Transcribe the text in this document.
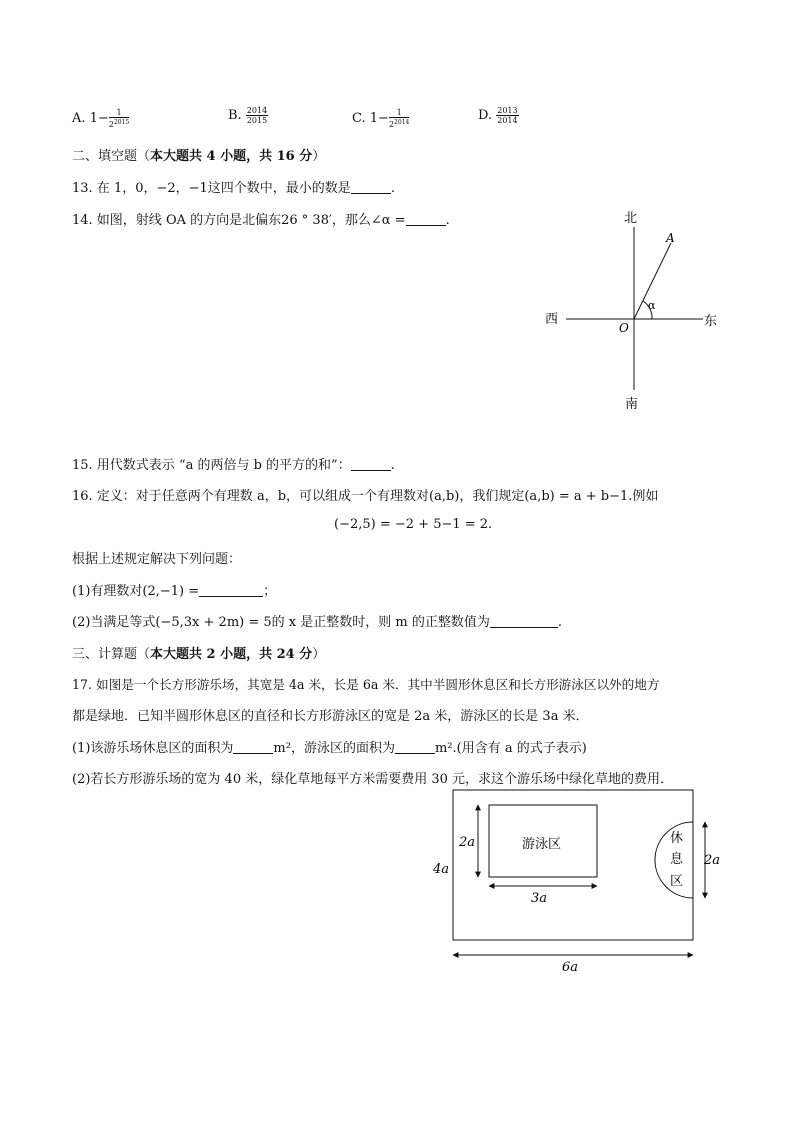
A. $1- \frac{1}{2^{2015}}$	B. $\frac{2014}{2015}$	C. $1- \frac{1}{2^{2014}}$	D. $\frac{2013}{2014}$
二、填空题（本大题共 4 小题，共 16 分）
13. 在 1，0，−2，−1这四个数中，最小的数是	.
14. 如图，射线 OA 的方向是北偏东26 ° 38′，那么∠α =	.	北
南
西	东
A
O
α
15. 用代数式表示 “a 的两倍与 b 的平方的和”：	.
16. 定义：对于任意两个有理数 a，b，可以组成一个有理数对(a,b)，我们规定(a,b) = a + b−1.例如
(−2,5) = −2 + 5−1 = 2.
根据上述规定解决下列问题：
(1)有理数对(2,−1) =	；
(2)当满足等式(−5,3x + 2m) = 5的 x 是正整数时，则 m 的正整数值为	.
三、计算题（本大题共 2 小题，共 24 分）
17. 如图是一个长方形游乐场，其宽是 4a 米，长是 6a 米．其中半圆形休息区和长方形游泳区以外的地方
都是绿地．已知半圆形休息区的直径和长方形游泳区的宽是 2a 米，游泳区的长是 3a 米．
(1)该游乐场休息区的面积为	m²，游泳区的面积为	m².(用含有 a 的式子表示)
(2)若长方形游乐场的宽为 40 米，绿化草地每平方米需要费用 30 元，求这个游乐场中绿化草地的费用．
游泳区	休
息
区
2a
3a
4a
6a
2a
